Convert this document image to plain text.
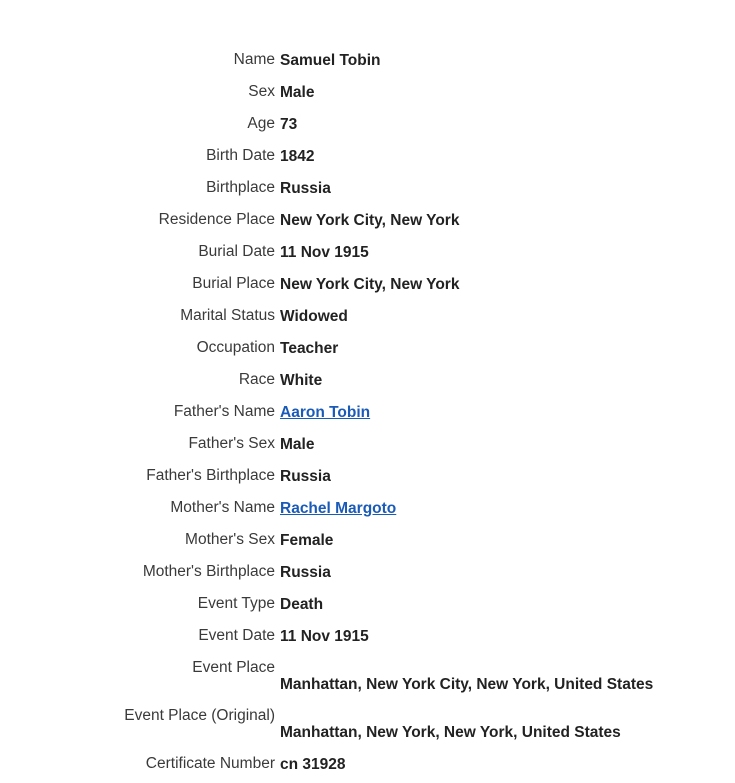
Name Samuel Tobin
Sex Male
Age 73
Birth Date 1842
Birthplace Russia
Residence Place New York City, New York
Burial Date 11 Nov 1915
Burial Place New York City, New York
Marital Status Widowed
Occupation Teacher
Race White
Father's Name Aaron Tobin
Father's Sex Male
Father's Birthplace Russia
Mother's Name Rachel Margoto
Mother's Sex Female
Mother's Birthplace Russia
Event Type Death
Event Date 11 Nov 1915
Event Place
Manhattan, New York City, New York, United States
Event Place (Original)
Manhattan, New York, New York, United States
Certificate Number cn 31928
